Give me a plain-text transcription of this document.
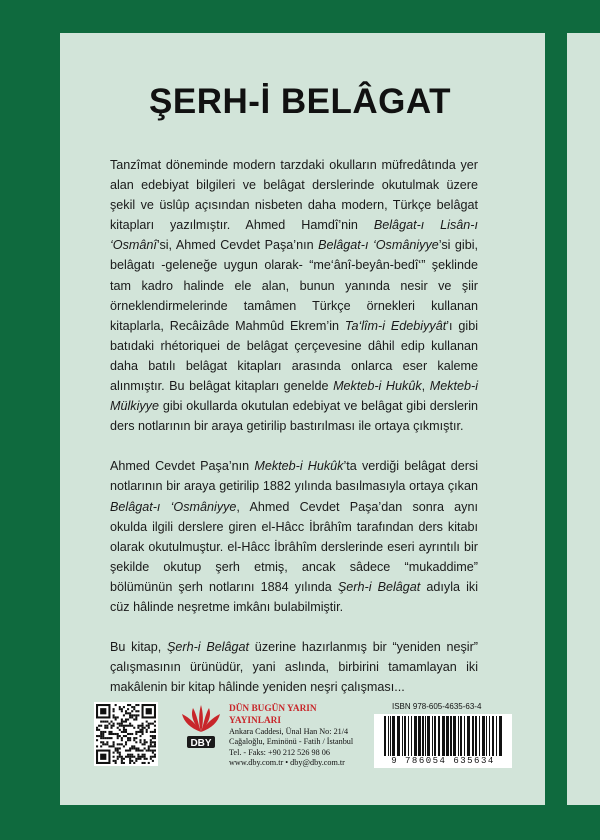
ŞERH-İ BELÂGAT

Tanzîmat döneminde modern tarzdaki okulların müfredâtında yer alan edebiyat bilgileri ve belâgat derslerinde okutulmak üzere şekil ve üslûp açısından nisbeten daha modern, Türkçe belâgat kitapları yazılmıştır. Ahmed Hamdî’nin Belâgat-ı Lisân-ı ‘Osmânî’si, Ahmed Cevdet Paşa’nın Belâgat-ı ‘Osmâniyye’si gibi, belâgatı -geleneğe uygun olarak- “me‘ânî-beyân-bedî‘” şeklinde tam kadro halinde ele alan, bunun yanında nesir ve şiir örneklendirmelerinde tamâmen Türkçe örnekleri kullanan kitaplarla, Recâizâde Mahmûd Ekrem’in Ta‘lîm-i Edebiyyât’ı gibi batıdaki rhétoriquei de belâgat çerçevesine dâhil edip kullanan daha batılı belâgat kitapları arasında onlarca eser kaleme alınmıştır. Bu belâgat kitapları genelde Mekteb-i Hukûk, Mekteb-i Mülkiyye gibi okullarda okutulan edebiyat ve belâgat gibi derslerin ders notlarının bir araya getirilip bastırılması ile ortaya çıkmıştır.

Ahmed Cevdet Paşa’nın Mekteb-i Hukûk’ta verdiği belâgat dersi notlarının bir araya getirilip 1882 yılında basılmasıyla ortaya çıkan Belâgat-ı ‘Osmâniyye, Ahmed Cevdet Paşa’dan sonra aynı okulda ilgili derslere giren el-Hâcc İbrâhîm tarafından ders kitabı olarak okutulmuştur. el-Hâcc İbrâhîm derslerinde eseri ayrıntılı bir şekilde okutup şerh etmiş, ancak sâdece “mukaddime” bölümünün şerh notlarını 1884 yılında Şerh-i Belâgat adıyla iki cüz hâlinde neşretme imkânı bulabilmiştir.

Bu kitap, Şerh-i Belâgat üzerine hazırlanmış bir “yeniden neşir” çalışmasının ürünüdür, yani aslında, birbirini tamamlayan iki makâlenin bir kitap hâlinde yeniden neşri çalışması...

DBY
DÜN BUGÜN YARIN YAYINLARI
Ankara Caddesi, Ünal Han No: 21/4
Cağaloğlu, Eminönü - Fatih / İstanbul
Tel. - Faks: +90 212 526 98 06
www.dby.com.tr • dby@dby.com.tr
ISBN 978-605-4635-63-4
9 786054 635634
